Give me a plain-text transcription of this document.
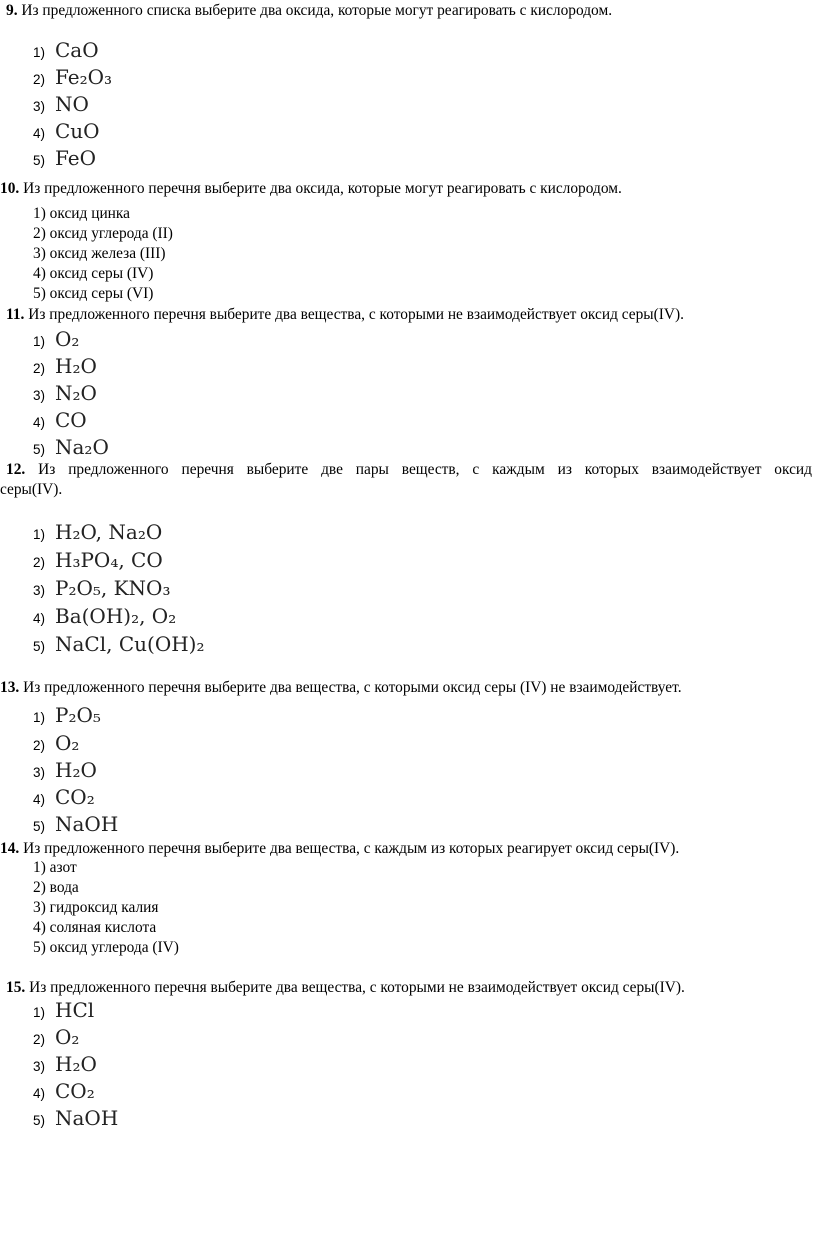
9. Из предложенного списка выберите два оксида, которые могут реагировать с кислородом.
1) CaO
2) Fe₂O₃
3) NO
4) CuO
5) FeO
10. Из предложенного перечня выберите два оксида, которые могут реагировать с кислородом.
1) оксид цинка
2) оксид углерода (II)
3) оксид железа (III)
4) оксид серы (IV)
5) оксид серы (VI)
11. Из предложенного перечня выберите два вещества, с которыми не взаимодействует оксид серы(IV).
1) O₂
2) H₂O
3) N₂O
4) CO
5) Na₂O
12. Из предложенного перечня выберите две пары веществ, с каждым из которых взаимодействует оксид
серы(IV).
1) H₂O, Na₂O
2) H₃PO₄, CO
3) P₂O₅, KNO₃
4) Ba(OH)₂, O₂
5) NaCl, Cu(OH)₂
13. Из предложенного перечня выберите два вещества, с которыми оксид серы (IV) не взаимодействует.
1) P₂O₅
2) O₂
3) H₂O
4) CO₂
5) NaOH
14. Из предложенного перечня выберите два вещества, с каждым из которых реагирует оксид серы(IV).
1) азот
2) вода
3) гидроксид калия
4) соляная кислота
5) оксид углерода (IV)
15. Из предложенного перечня выберите два вещества, с которыми не взаимодействует оксид серы(IV).
1) HCl
2) O₂
3) H₂O
4) CO₂
5) NaOH
